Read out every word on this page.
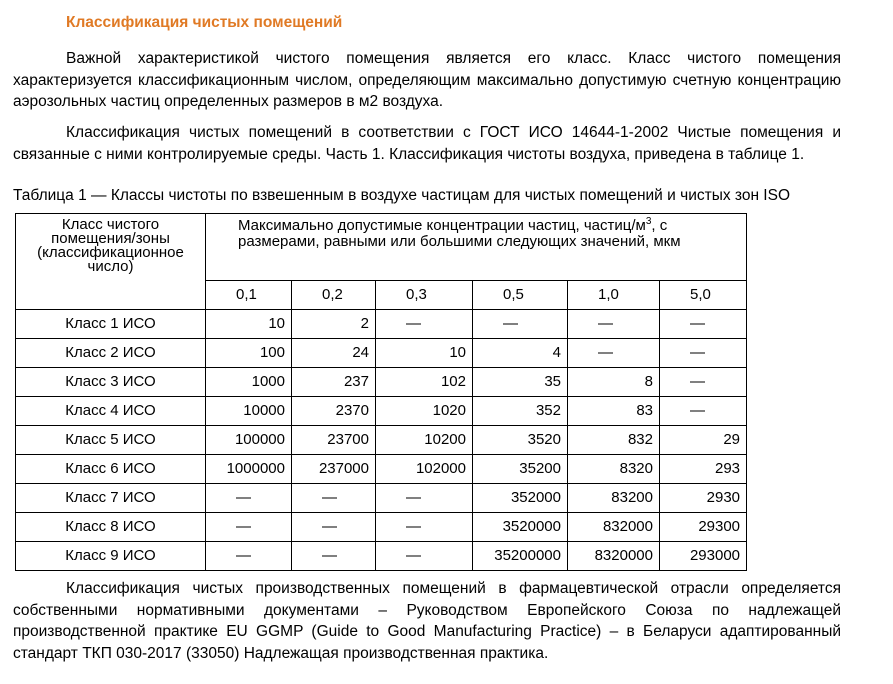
Классификация чистых помещений

Важной характеристикой чистого помещения является его класс. Класс чистого помещения характеризуется классификационным числом, определяющим максимально допустимую счетную концентрацию аэрозольных частиц определенных размеров в м2 воздуха.

Классификация чистых помещений в соответствии с ГОСТ ИСО 14644-1-2002 Чистые помещения и связанные с ними контролируемые среды. Часть 1. Классификация чистоты воздуха, приведена в таблице 1.

Таблица 1 — Классы чистоты по взвешенным в воздухе частицам для чистых помещений и чистых зон ISO

Класс чистого помещения/зоны (классификационное число)	Максимально допустимые концентрации частиц, частиц/$м^3$, с размерами, равными или большими следующих значений, мкм					
	0,1	0,2	0,3	0,5	1,0	5,0
Класс 1 ИСО	10	2	—	—	—	—
Класс 2 ИСО	100	24	10	4	—	—
Класс 3 ИСО	1000	237	102	35	8	—
Класс 4 ИСО	10000	2370	1020	352	83	—
Класс 5 ИСО	100000	23700	10200	3520	832	29
Класс 6 ИСО	1000000	237000	102000	35200	8320	293
Класс 7 ИСО	—	—	—	352000	83200	2930
Класс 8 ИСО	—	—	—	3520000	832000	29300
Класс 9 ИСО	—	—	—	35200000	8320000	293000

Классификация чистых производственных помещений в фармацевтической отрасли определяется собственными нормативными документами – Руководством Европейского Союза по надлежащей производственной практике EU GGMP (Guide to Good Manufacturing Practice) – в Беларуси адаптированный стандарт ТКП 030-2017 (33050) Надлежащая производственная практика.
